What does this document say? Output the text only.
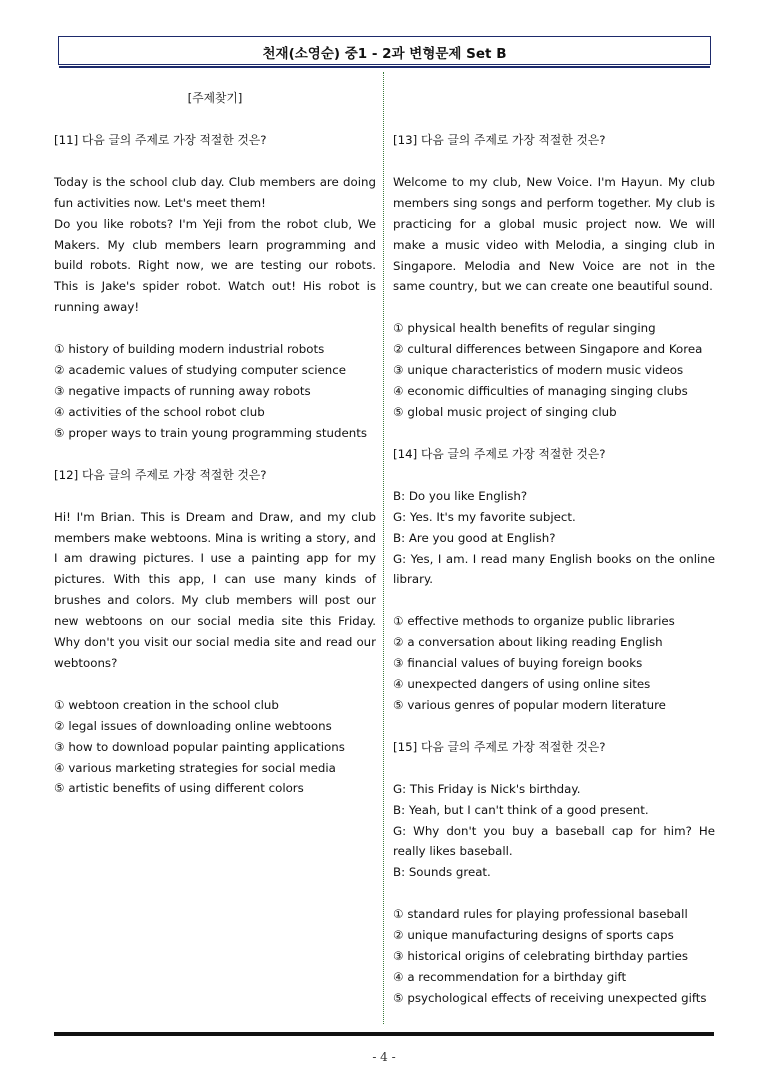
천재(소영순) 중1 - 2과 변형문제 Set B
[주제찾기]
[11] 다음 글의 주제로 가장 적절한 것은?

Today is the school club day. Club members are doing fun activities now. Let's meet them!

Do you like robots? I'm Yeji from the robot club, We Makers. My club members learn programming and build robots. Right now, we are testing our robots. This is Jake's spider robot. Watch out! His robot is running away!

① history of building modern industrial robots

② academic values of studying computer science

③ negative impacts of running away robots

④ activities of the school robot club

⑤ proper ways to train young programming students

[12] 다음 글의 주제로 가장 적절한 것은?

Hi! I'm Brian. This is Dream and Draw, and my club members make webtoons. Mina is writing a story, and I am drawing pictures. I use a painting app for my pictures. With this app, I can use many kinds of brushes and colors. My club members will post our new webtoons on our social media site this Friday. Why don't you visit our social media site and read our webtoons?

① webtoon creation in the school club

② legal issues of downloading online webtoons

③ how to download popular painting applications

④ various marketing strategies for social media

⑤ artistic benefits of using different colors

[13] 다음 글의 주제로 가장 적절한 것은?

Welcome to my club, New Voice. I'm Hayun. My club members sing songs and perform together. My club is practicing for a global music project now. We will make a music video with Melodia, a singing club in Singapore. Melodia and New Voice are not in the same country, but we can create one beautiful sound.

① physical health benefits of regular singing

② cultural differences between Singapore and Korea

③ unique characteristics of modern music videos

④ economic difficulties of managing singing clubs

⑤ global music project of singing club

[14] 다음 글의 주제로 가장 적절한 것은?

B: Do you like English?

G: Yes. It's my favorite subject.

B: Are you good at English?

G: Yes, I am. I read many English books on the online library.

① effective methods to organize public libraries

② a conversation about liking reading English

③ financial values of buying foreign books

④ unexpected dangers of using online sites

⑤ various genres of popular modern literature

[15] 다음 글의 주제로 가장 적절한 것은?

G: This Friday is Nick's birthday.

B: Yeah, but I can't think of a good present.

G: Why don't you buy a baseball cap for him? He really likes baseball.

B: Sounds great.

① standard rules for playing professional baseball

② unique manufacturing designs of sports caps

③ historical origins of celebrating birthday parties

④ a recommendation for a birthday gift

⑤ psychological effects of receiving unexpected gifts

- 4 -
